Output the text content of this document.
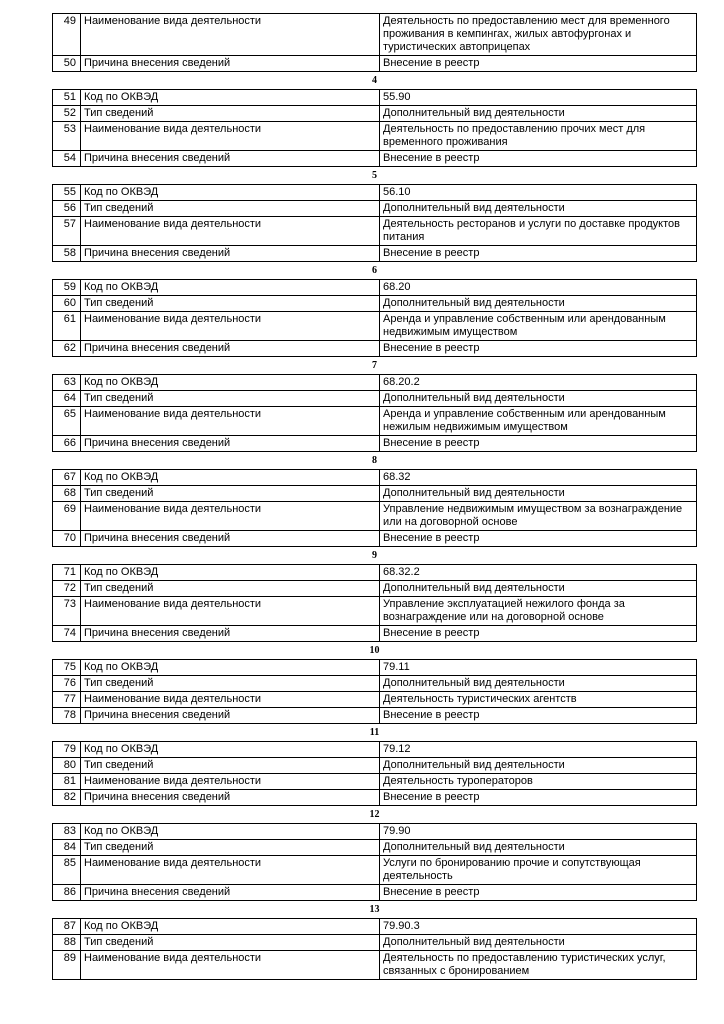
49	Наименование вида деятельности	Деятельность по предоставлению мест для временного проживания в кемпингах, жилых автофургонах и туристических автоприцепах
50	Причина внесения сведений	Внесение в реестр
4
51	Код по ОКВЭД	55.90
52	Тип сведений	Дополнительный вид деятельности
53	Наименование вида деятельности	Деятельность по предоставлению прочих мест для временного проживания
54	Причина внесения сведений	Внесение в реестр
5
55	Код по ОКВЭД	56.10
56	Тип сведений	Дополнительный вид деятельности
57	Наименование вида деятельности	Деятельность ресторанов и услуги по доставке продуктов питания
58	Причина внесения сведений	Внесение в реестр
6
59	Код по ОКВЭД	68.20
60	Тип сведений	Дополнительный вид деятельности
61	Наименование вида деятельности	Аренда и управление собственным или арендованным недвижимым имуществом
62	Причина внесения сведений	Внесение в реестр
7
63	Код по ОКВЭД	68.20.2
64	Тип сведений	Дополнительный вид деятельности
65	Наименование вида деятельности	Аренда и управление собственным или арендованным нежилым недвижимым имуществом
66	Причина внесения сведений	Внесение в реестр
8
67	Код по ОКВЭД	68.32
68	Тип сведений	Дополнительный вид деятельности
69	Наименование вида деятельности	Управление недвижимым имуществом за вознаграждение или на договорной основе
70	Причина внесения сведений	Внесение в реестр
9
71	Код по ОКВЭД	68.32.2
72	Тип сведений	Дополнительный вид деятельности
73	Наименование вида деятельности	Управление эксплуатацией нежилого фонда за вознаграждение или на договорной основе
74	Причина внесения сведений	Внесение в реестр
10
75	Код по ОКВЭД	79.11
76	Тип сведений	Дополнительный вид деятельности
77	Наименование вида деятельности	Деятельность туристических агентств
78	Причина внесения сведений	Внесение в реестр
11
79	Код по ОКВЭД	79.12
80	Тип сведений	Дополнительный вид деятельности
81	Наименование вида деятельности	Деятельность туроператоров
82	Причина внесения сведений	Внесение в реестр
12
83	Код по ОКВЭД	79.90
84	Тип сведений	Дополнительный вид деятельности
85	Наименование вида деятельности	Услуги по бронированию прочие и сопутствующая деятельность
86	Причина внесения сведений	Внесение в реестр
13
87	Код по ОКВЭД	79.90.3
88	Тип сведений	Дополнительный вид деятельности
89	Наименование вида деятельности	Деятельность по предоставлению туристических услуг, связанных с бронированием
